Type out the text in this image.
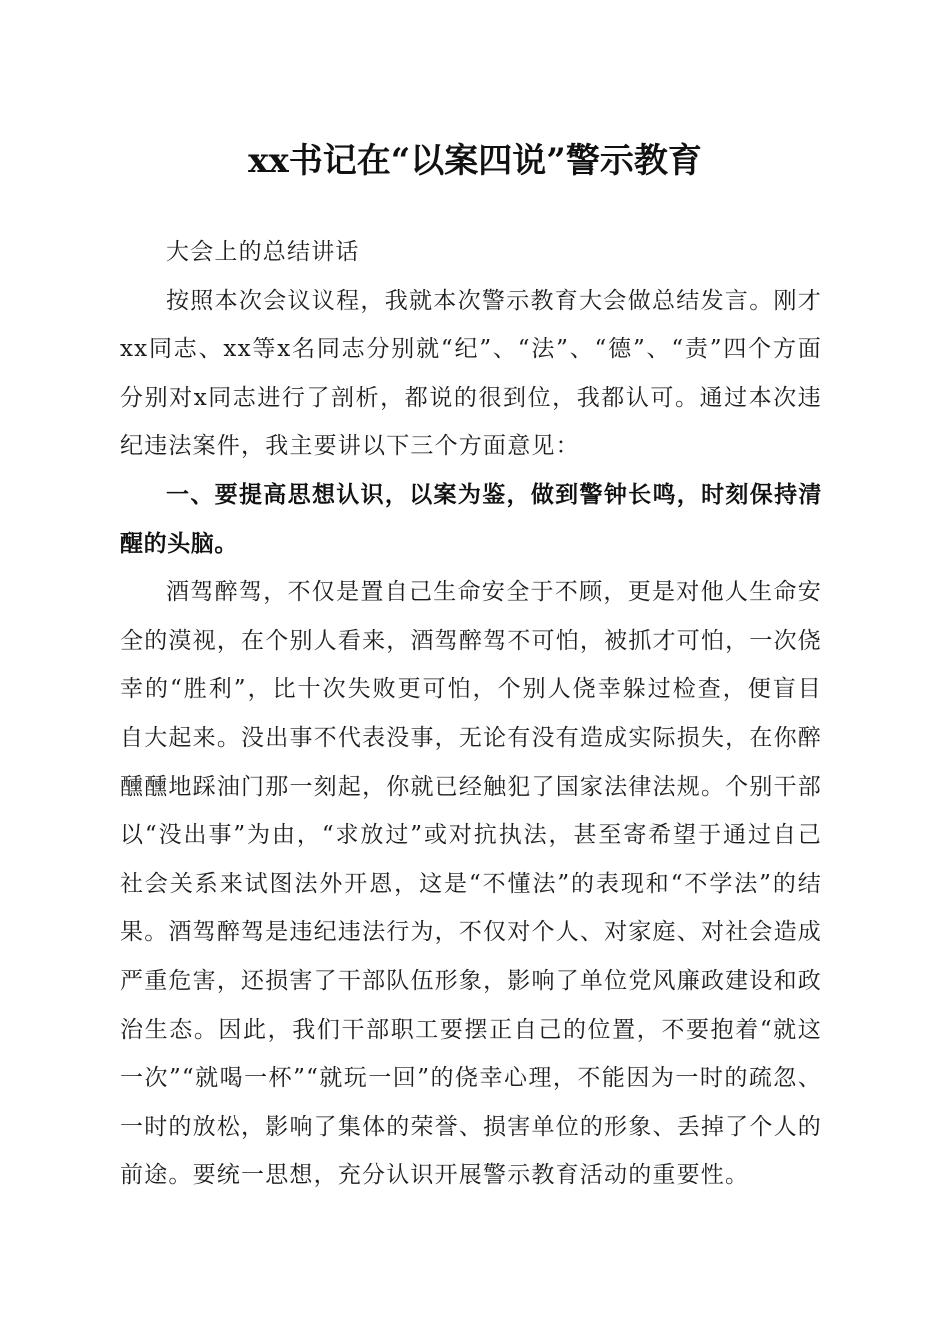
xx书记在“以案四说”警示教育

大会上的总结讲话

按照本次会议议程，我就本次警示教育大会做总结发言。刚才xx同志、xx等x名同志分别就“纪”、“法”、“德”、“责”四个方面分别对x同志进行了剖析，都说的很到位，我都认可。通过本次违纪违法案件，我主要讲以下三个方面意见：

一、要提高思想认识，以案为鉴，做到警钟长鸣，时刻保持清醒的头脑。

酒驾醉驾，不仅是置自己生命安全于不顾，更是对他人生命安全的漠视，在个别人看来，酒驾醉驾不可怕，被抓才可怕，一次侥幸的“胜利”，比十次失败更可怕，个别人侥幸躲过检查，便盲目自大起来。没出事不代表没事，无论有没有造成实际损失，在你醉醺醺地踩油门那一刻起，你就已经触犯了国家法律法规。个别干部以“没出事”为由，“求放过”或对抗执法，甚至寄希望于通过自己社会关系来试图法外开恩，这是“不懂法”的表现和“不学法”的结果。酒驾醉驾是违纪违法行为，不仅对个人、对家庭、对社会造成严重危害，还损害了干部队伍形象，影响了单位党风廉政建设和政治生态。因此，我们干部职工要摆正自己的位置，不要抱着“就这一次”“就喝一杯”“就玩一回”的侥幸心理，不能因为一时的疏忽、一时的放松，影响了集体的荣誉、损害单位的形象、丢掉了个人的前途。要统一思想，充分认识开展警示教育活动的重要性。
